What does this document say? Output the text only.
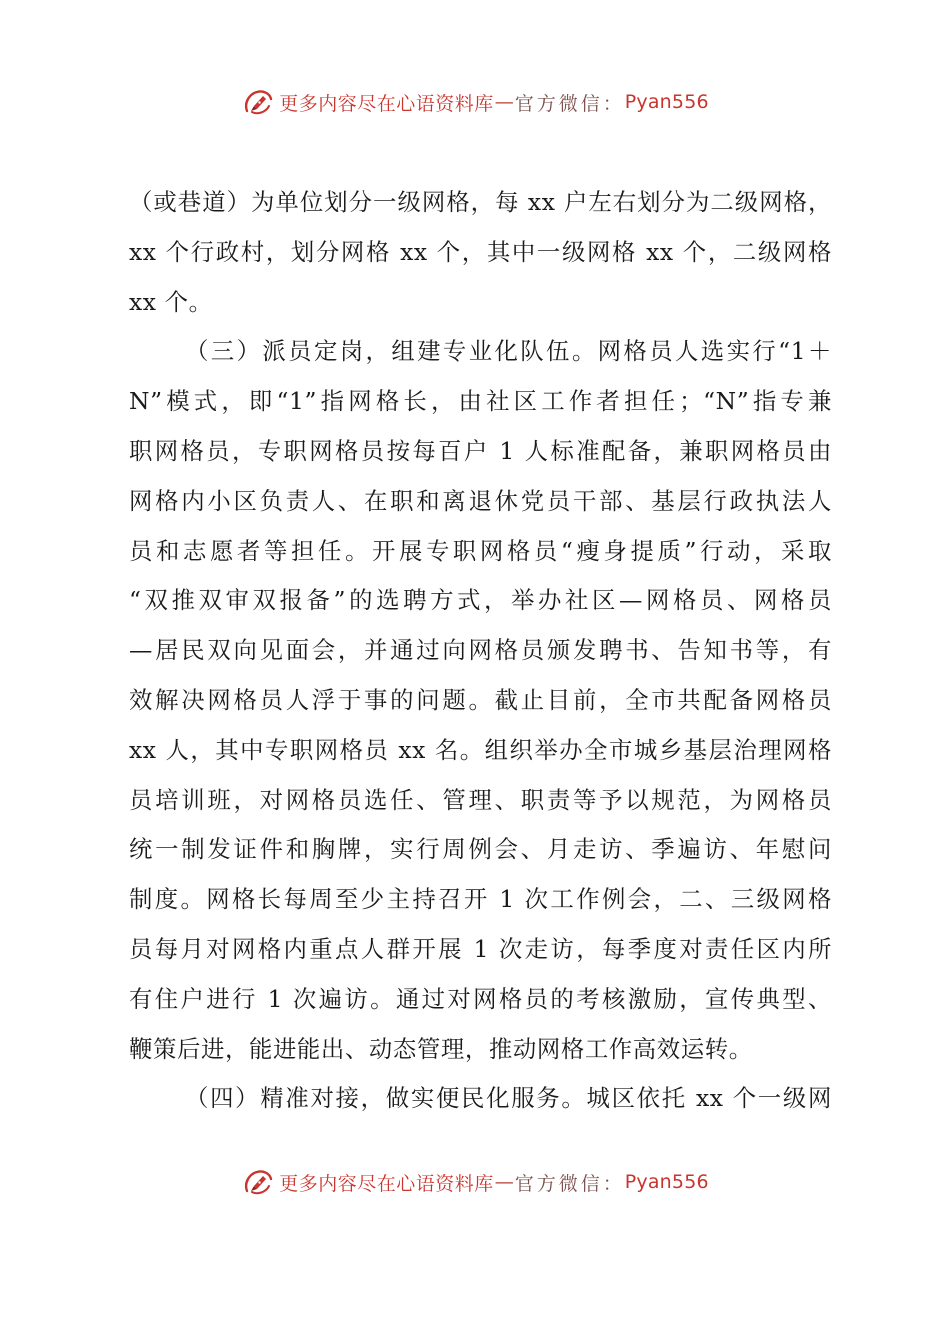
更多内容尽在心语资料库 — 官方微信： Pyan556
（或巷道）为单位划分一级网格，每 xx 户左右划分为二级网格，
xx 个行政村，划分网格 xx 个，其中一级网格 xx 个，二级网格
xx 个。
（三）派员定岗，组建专业化队伍。网格员人选实行“1＋
N”模式，即“1”指网格长，由社区工作者担任；“N”指专兼
职网格员，专职网格员按每百户 1 人标准配备，兼职网格员由
网格内小区负责人、在职和离退休党员干部、基层行政执法人
员和志愿者等担任。开展专职网格员“瘦身提质”行动，采取
“双推双审双报备”的选聘方式，举办社区—网格员、网格员
—居民双向见面会，并通过向网格员颁发聘书、告知书等，有
效解决网格员人浮于事的问题。截止目前，全市共配备网格员
xx 人，其中专职网格员 xx 名。组织举办全市城乡基层治理网格
员培训班，对网格员选任、管理、职责等予以规范，为网格员
统一制发证件和胸牌，实行周例会、月走访、季遍访、年慰问
制度。网格长每周至少主持召开 1 次工作例会，二、三级网格
员每月对网格内重点人群开展 1 次走访，每季度对责任区内所
有住户进行 1 次遍访。通过对网格员的考核激励，宣传典型、
鞭策后进，能进能出、动态管理，推动网格工作高效运转。
（四）精准对接，做实便民化服务。城区依托 xx 个一级网
更多内容尽在心语资料库 — 官方微信： Pyan556
